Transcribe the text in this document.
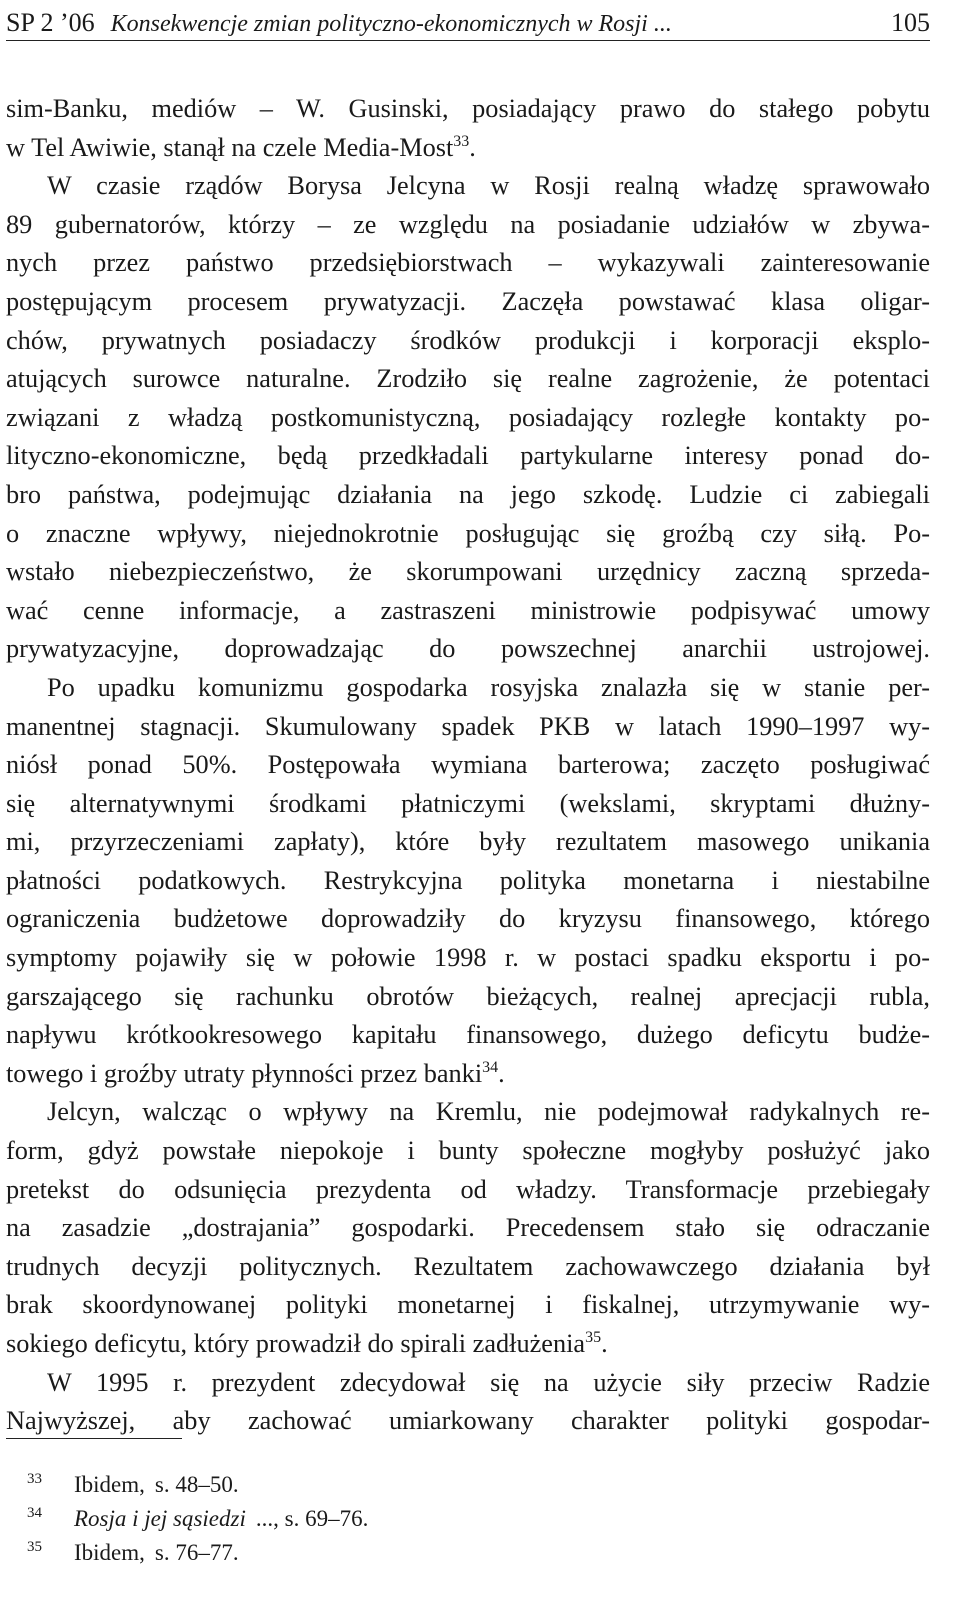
SP 2 ’06 Konsekwencje zmian polityczno-ekonomicznych w Rosji ...	105
sim-Banku, mediów – W. Gusinski, posiadający prawo do stałego pobytu
w Tel Awiwie, stanął na czele Media-Most$^{33}$.
W czasie rządów Borysa Jelcyna w Rosji realną władzę sprawowało
89 gubernatorów, którzy – ze względu na posiadanie udziałów w zbywa-
nych przez państwo przedsiębiorstwach – wykazywali zainteresowanie
postępującym procesem prywatyzacji. Zaczęła powstawać klasa oligar-
chów, prywatnych posiadaczy środków produkcji i korporacji eksplo-
atujących surowce naturalne. Zrodziło się realne zagrożenie, że potentaci
związani z władzą postkomunistyczną, posiadający rozległe kontakty po-
lityczno-ekonomiczne, będą przedkładali partykularne interesy ponad do-
bro państwa, podejmując działania na jego szkodę. Ludzie ci zabiegali
o znaczne wpływy, niejednokrotnie posługując się groźbą czy siłą. Po-
wstało niebezpieczeństwo, że skorumpowani urzędnicy zaczną sprzeda-
wać cenne informacje, a zastraszeni ministrowie podpisywać umowy
prywatyzacyjne, doprowadzając do powszechnej anarchii ustrojowej.
Po upadku komunizmu gospodarka rosyjska znalazła się w stanie per-
manentnej stagnacji. Skumulowany spadek PKB w latach 1990–1997 wy-
niósł ponad 50%. Postępowała wymiana barterowa; zaczęto posługiwać
się alternatywnymi środkami płatniczymi (wekslami, skryptami dłużny-
mi, przyrzeczeniami zapłaty), które były rezultatem masowego unikania
płatności podatkowych. Restrykcyjna polityka monetarna i niestabilne
ograniczenia budżetowe doprowadziły do kryzysu finansowego, którego
symptomy pojawiły się w połowie 1998 r. w postaci spadku eksportu i po-
garszającego się rachunku obrotów bieżących, realnej aprecjacji rubla,
napływu krótkookresowego kapitału finansowego, dużego deficytu budże-
towego i groźby utraty płynności przez banki$^{34}$.
Jelcyn, walcząc o wpływy na Kremlu, nie podejmował radykalnych re-
form, gdyż powstałe niepokoje i bunty społeczne mogłyby posłużyć jako
pretekst do odsunięcia prezydenta od władzy. Transformacje przebiegały
na zasadzie „dostrajania” gospodarki. Precedensem stało się odraczanie
trudnych decyzji politycznych. Rezultatem zachowawczego działania był
brak skoordynowanej polityki monetarnej i fiskalnej, utrzymywanie wy-
sokiego deficytu, który prowadził do spirali zadłużenia$^{35}$.
W 1995 r. prezydent zdecydował się na użycie siły przeciw Radzie
Najwyższej, aby zachować umiarkowany charakter polityki gospodar-
33 Ibidem, s. 48–50.
34 Rosja i jej sąsiedzi ..., s. 69–76.
35 Ibidem, s. 76–77.
